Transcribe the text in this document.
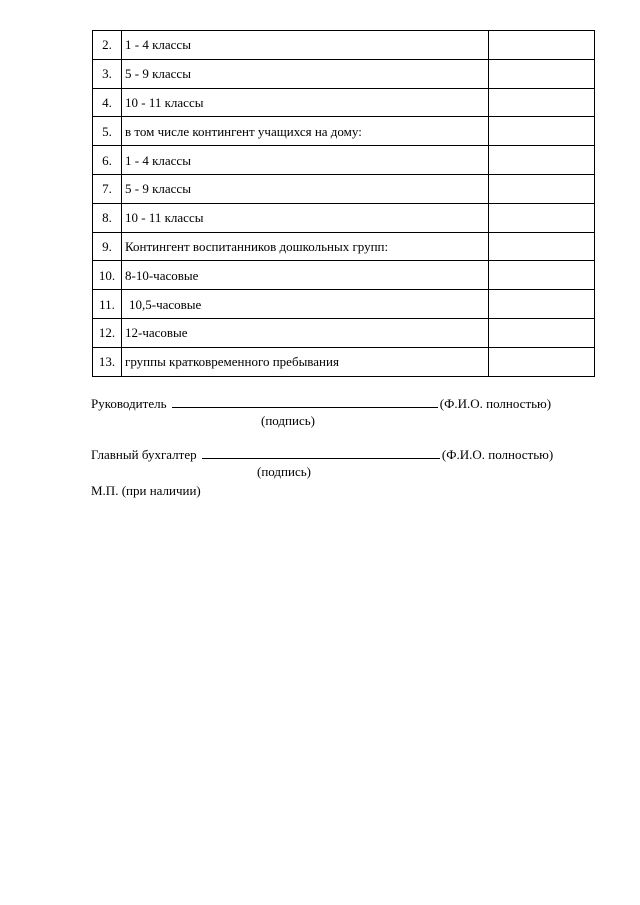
2.	1 - 4 классы	
3.	5 - 9 классы	
4.	10 - 11 классы	
5.	в том числе контингент учащихся на дому:	
6.	1 - 4 классы	
7.	5 - 9 классы	
8.	10 - 11 классы	
9.	Контингент воспитанников дошкольных групп:	
10.	8-10-часовые	
11.	10,5-часовые	
12.	12-часовые	
13.	группы кратковременного пребывания	
Руководитель	(Ф.И.О. полностью)
(подпись)
Главный бухгалтер	(Ф.И.О. полностью)
(подпись)
М.П. (при наличии)
